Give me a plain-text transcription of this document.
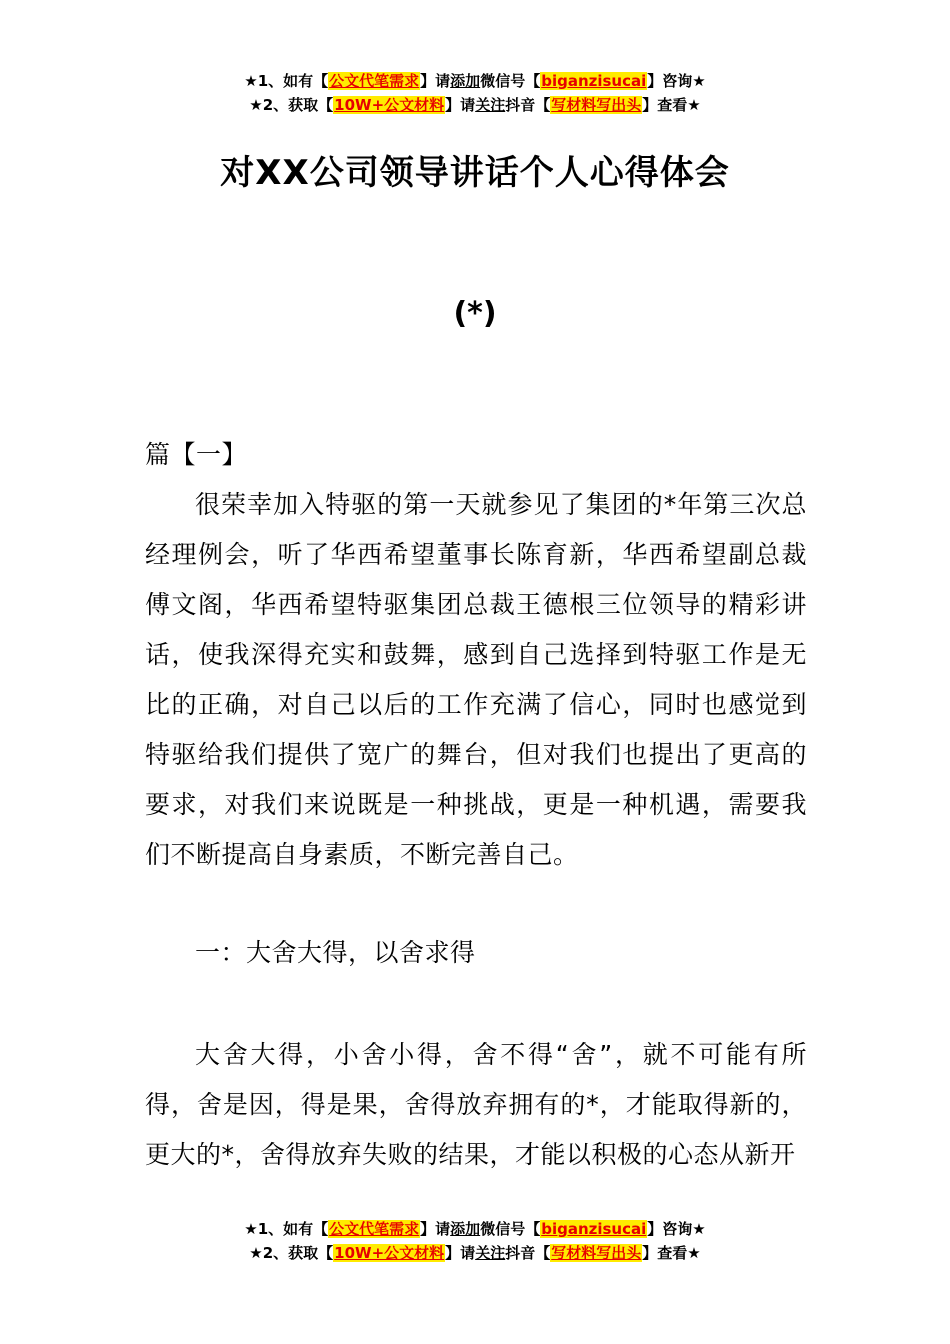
★1、如有【公文代笔需求】请添加微信号【biganzisucai】咨询★
★2、获取【10W+公文材料】请关注抖音【写材料写出头】查看★
对XX公司领导讲话个人心得体会
(*)

篇【一】

很荣幸加入特驱的第一天就参见了集团的*年第三次总经理例会，听了华西希望董事长陈育新，华西希望副总裁傅文阁，华西希望特驱集团总裁王德根三位领导的精彩讲话，使我深得充实和鼓舞，感到自己选择到特驱工作是无比的正确，对自己以后的工作充满了信心，同时也感觉到特驱给我们提供了宽广的舞台，但对我们也提出了更高的要求，对我们来说既是一种挑战，更是一种机遇，需要我们不断提高自身素质，不断完善自己。

一：大舍大得，以舍求得

大舍大得，小舍小得，舍不得“舍”，就不可能有所得，舍是因，得是果，舍得放弃拥有的*，才能取得新的，更大的*，舍得放弃失败的结果，才能以积极的心态从新开

★1、如有【公文代笔需求】请添加微信号【biganzisucai】咨询★
★2、获取【10W+公文材料】请关注抖音【写材料写出头】查看★
